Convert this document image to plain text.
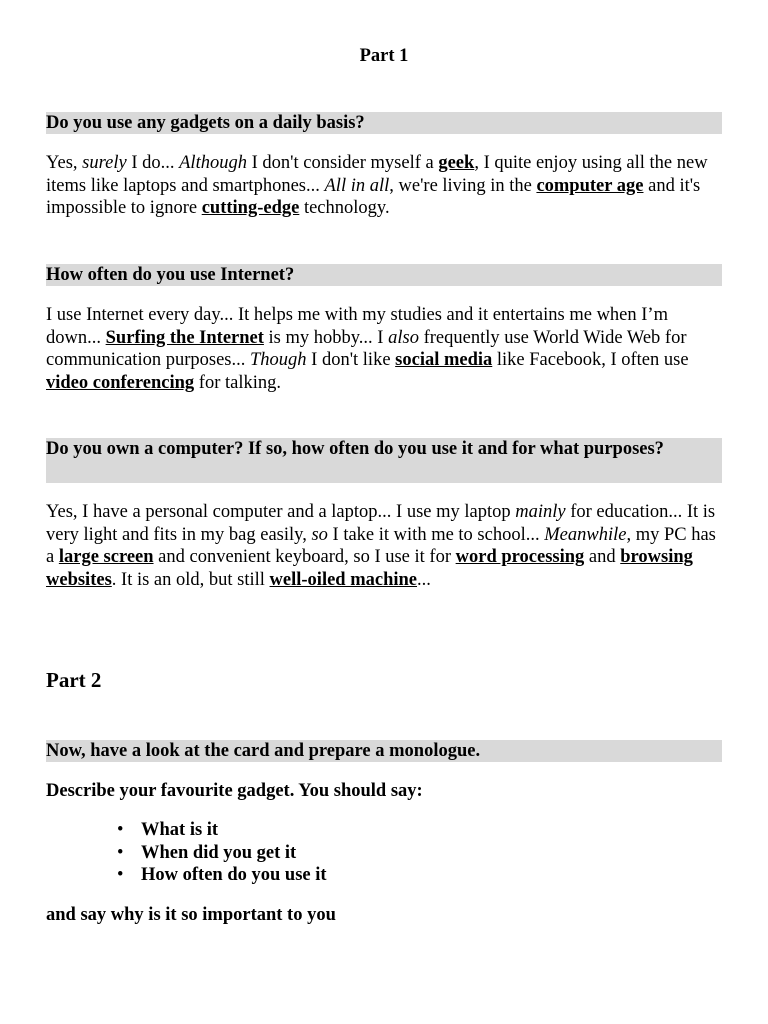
Part 1
Do you use any gadgets on a daily basis?

Yes, surely I do... Although I don't consider myself a geek, I quite enjoy using all the new items like laptops and smartphones... All in all, we're living in the computer age and it's impossible to ignore cutting-edge technology.

How often do you use Internet?

I use Internet every day... It helps me with my studies and it entertains me when I’m down... Surfing the Internet is my hobby... I also frequently use World Wide Web for communication purposes... Though I don't like social media like Facebook, I often use video conferencing for talking.

Do you own a computer? If so, how often do you use it and for what purposes?

Yes, I have a personal computer and a laptop... I use my laptop mainly for education... It is very light and fits in my bag easily, so I take it with me to school... Meanwhile, my PC has a large screen and convenient keyboard, so I use it for word processing and browsing websites. It is an old, but still well-oiled machine...

Part 2
Now, have a look at the card and prepare a monologue.
Describe your favourite gadget. You should say:
• What is it
• When did you get it
• How often do you use it
and say why is it so important to you
